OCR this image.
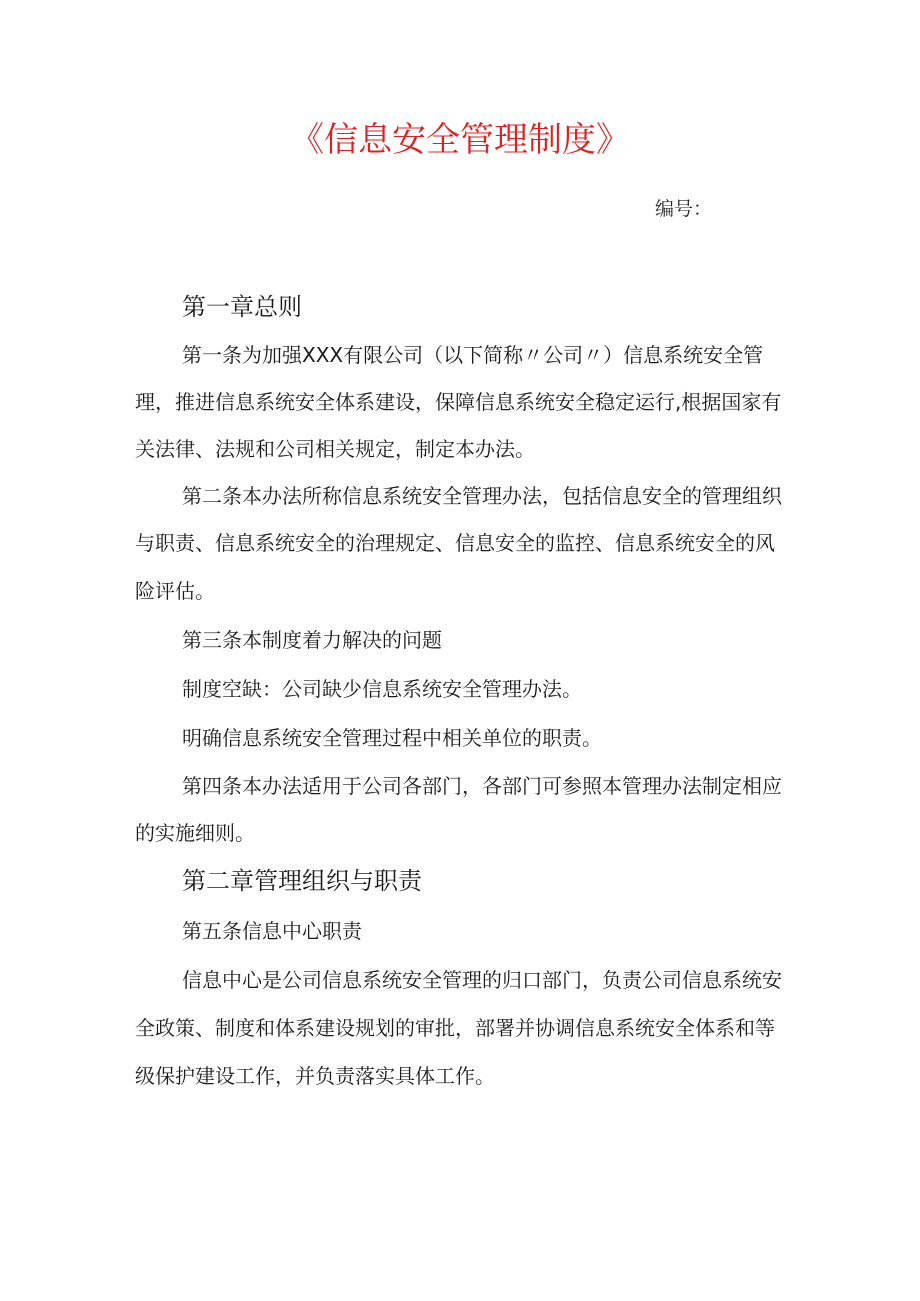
《信息安全管理制度》
编号：
第一章总则
第一条为加强XXX有限公司（以下简称〃公司〃）信息系统安全管
理，推进信息系统安全体系建设，保障信息系统安全稳定运行,根据国家有
关法律、法规和公司相关规定，制定本办法。
第二条本办法所称信息系统安全管理办法，包括信息安全的管理组织
与职责、信息系统安全的治理规定、信息安全的监控、信息系统安全的风
险评估。
第三条本制度着力解决的问题
制度空缺：公司缺少信息系统安全管理办法。
明确信息系统安全管理过程中相关单位的职责。
第四条本办法适用于公司各部门，各部门可参照本管理办法制定相应
的实施细则。
第二章管理组织与职责
第五条信息中心职责
信息中心是公司信息系统安全管理的归口部门，负责公司信息系统安
全政策、制度和体系建设规划的审批，部署并协调信息系统安全体系和等
级保护建设工作，并负责落实具体工作。
